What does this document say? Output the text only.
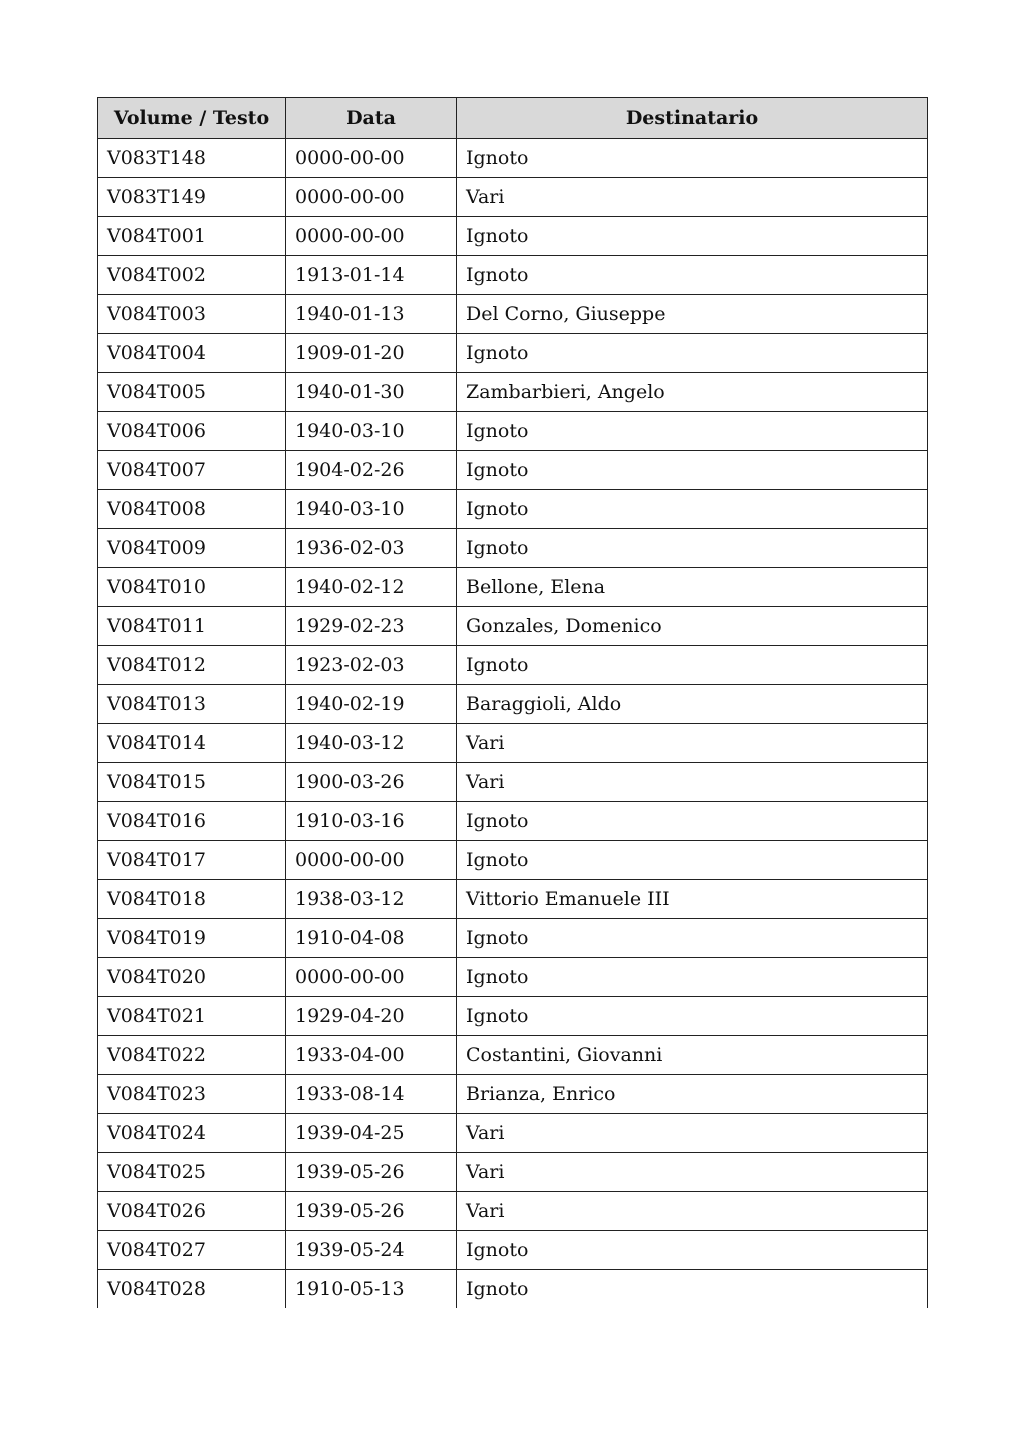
Volume / Testo	Data	Destinatario
V083T148	0000-00-00	Ignoto
V083T149	0000-00-00	Vari
V084T001	0000-00-00	Ignoto
V084T002	1913-01-14	Ignoto
V084T003	1940-01-13	Del Corno, Giuseppe
V084T004	1909-01-20	Ignoto
V084T005	1940-01-30	Zambarbieri, Angelo
V084T006	1940-03-10	Ignoto
V084T007	1904-02-26	Ignoto
V084T008	1940-03-10	Ignoto
V084T009	1936-02-03	Ignoto
V084T010	1940-02-12	Bellone, Elena
V084T011	1929-02-23	Gonzales, Domenico
V084T012	1923-02-03	Ignoto
V084T013	1940-02-19	Baraggioli, Aldo
V084T014	1940-03-12	Vari
V084T015	1900-03-26	Vari
V084T016	1910-03-16	Ignoto
V084T017	0000-00-00	Ignoto
V084T018	1938-03-12	Vittorio Emanuele III
V084T019	1910-04-08	Ignoto
V084T020	0000-00-00	Ignoto
V084T021	1929-04-20	Ignoto
V084T022	1933-04-00	Costantini, Giovanni
V084T023	1933-08-14	Brianza, Enrico
V084T024	1939-04-25	Vari
V084T025	1939-05-26	Vari
V084T026	1939-05-26	Vari
V084T027	1939-05-24	Ignoto
V084T028	1910-05-13	Ignoto
